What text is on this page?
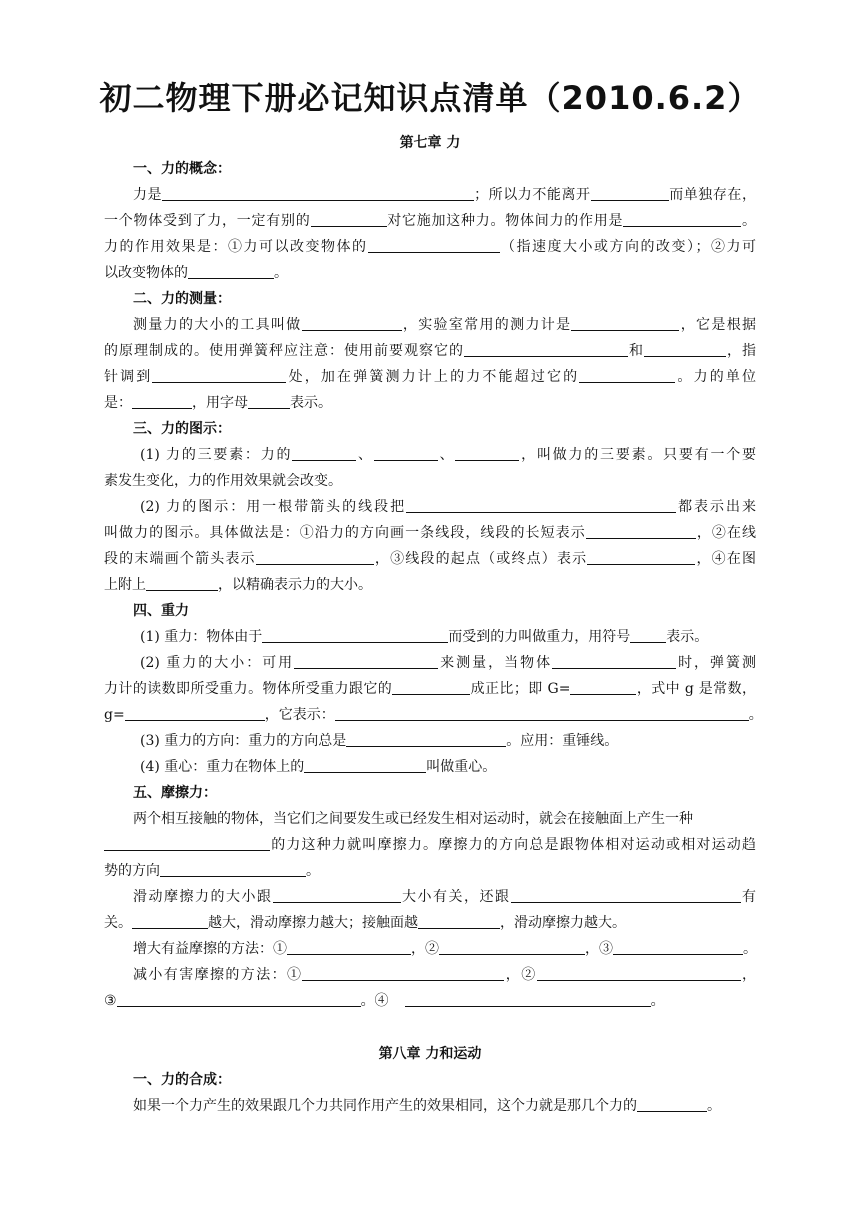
初二物理下册必记知识点清单（2010.6.2）
第七章 力
一、力的概念：
力是	；所以力不能离开	而单独存在，
一个物体受到了力，一定有别的	对它施加这种力。物体间力的作用是	。
力的作用效果是：①力可以改变物体的	（指速度大小或方向的改变）；②力可
以改变物体的	。
二、力的测量：
测量力的大小的工具叫做	，实验室常用的测力计是	，它是根据
的原理制成的。使用弹簧秤应注意：使用前要观察它的	和	，指
针调到	处，加在弹簧测力计上的力不能超过它的	。力的单位
是：	，用字母	表示。
三、力的图示：
(1) 力的三要素：力的	、	、	，叫做力的三要素。只要有一个要
素发生变化，力的作用效果就会改变。
(2) 力的图示：用一根带箭头的线段把	都表示出来
叫做力的图示。具体做法是：①沿力的方向画一条线段，线段的长短表示	，②在线
段的末端画个箭头表示	，③线段的起点（或终点）表示	，④在图
上附上	，以精确表示力的大小。
四、重力
(1) 重力：物体由于	而受到的力叫做重力，用符号	表示。
(2) 重力的大小：可用	来测量，当物体	时，弹簧测
力计的读数即所受重力。物体所受重力跟它的	成正比；即 G=	，式中 g 是常数，
g=	，它表示：	。
(3) 重力的方向：重力的方向总是	。应用：重锤线。
(4) 重心：重力在物体上的	叫做重心。
五、摩擦力：
两个相互接触的物体，当它们之间要发生或已经发生相对运动时，就会在接触面上产生一种
的力这种力就叫摩擦力。摩擦力的方向总是跟物体相对运动或相对运动趋
势的方向	。
滑动摩擦力的大小跟	大小有关，还跟	有
关。	越大，滑动摩擦力越大；接触面越	，滑动摩擦力越大。
增大有益摩擦的方法：①	，②	，③	。
减小有害摩擦的方法：①	，②	，
③	。④	。
第八章 力和运动
一、力的合成：
如果一个力产生的效果跟几个力共同作用产生的效果相同，这个力就是那几个力的	。
